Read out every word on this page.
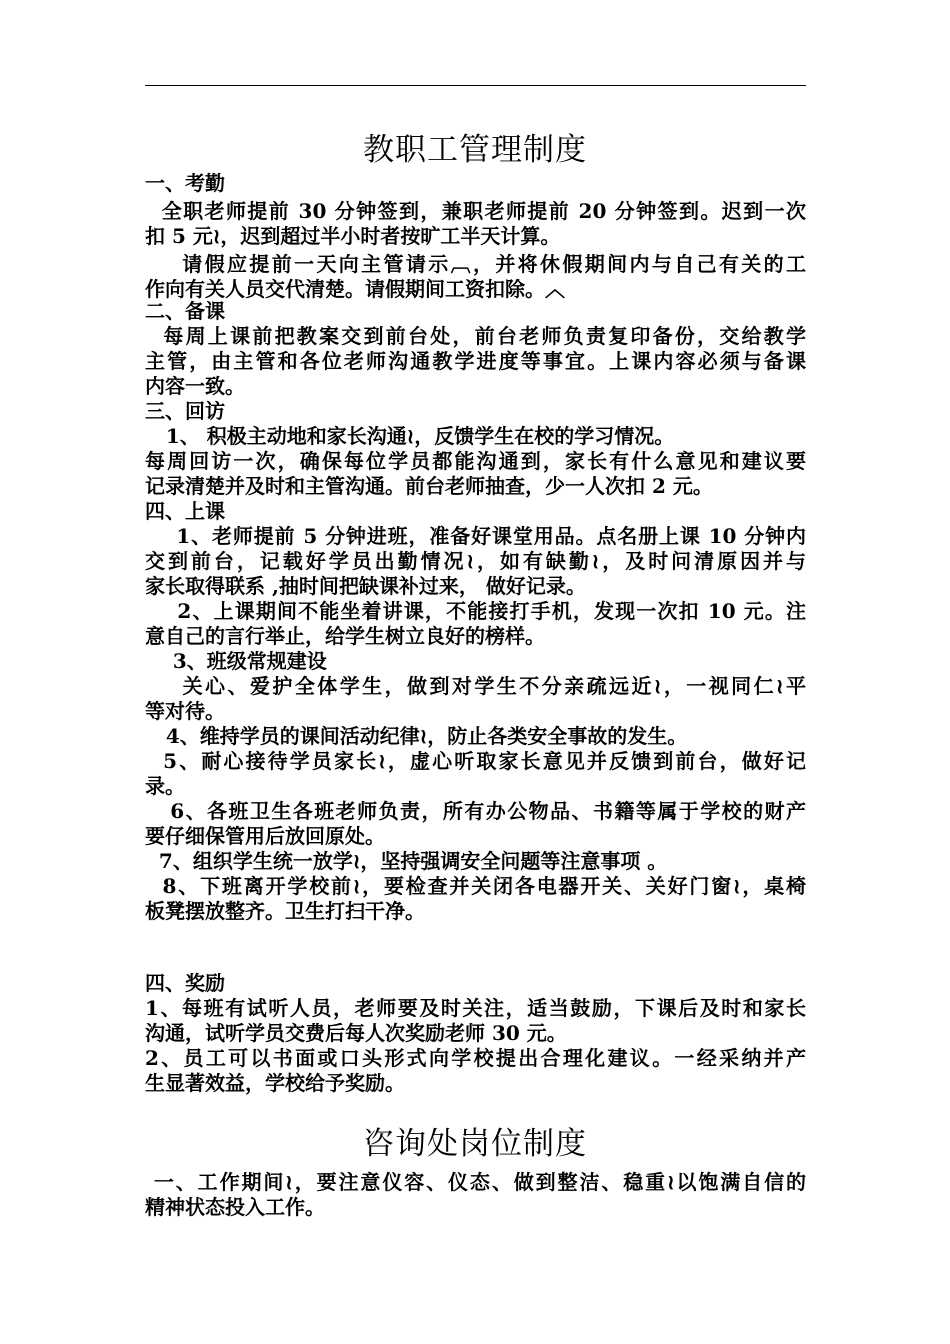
教职工管理制度
一、考勤
全职老师提前 30 分钟签到，兼职老师提前 20 分钟签到。迟到一次
扣 5 元≀，迟到超过半小时者按旷工半天计算。
请假应提前一天向主管请示︹，并将休假期间内与自己有关的工
作向有关人员交代清楚。请假期间工资扣除。︿
二、备课
每周上课前把教案交到前台处，前台老师负责复印备份，交给教学
主管，由主管和各位老师沟通教学进度等事宜。上课内容必须与备课
内容一致。
三、回访
1、 积极主动地和家长沟通≀，反馈学生在校的学习情况。
每周回访一次，确保每位学员都能沟通到，家长有什么意见和建议要
记录清楚并及时和主管沟通。前台老师抽查，少一人次扣 2 元。
四、上课
1、老师提前 5 分钟进班，准备好课堂用品。点名册上课 10 分钟内
交到前台，记载好学员出勤情况≀，如有缺勤≀，及时问清原因并与
家长取得联系 ,抽时间把缺课补过来， 做好记录。
2、上课期间不能坐着讲课，不能接打手机，发现一次扣 10 元。注
意自己的言行举止，给学生树立良好的榜样。
3、班级常规建设
关心、爱护全体学生，做到对学生不分亲疏远近≀，一视同仁≀平
等对待。
4、维持学员的课间活动纪律≀，防止各类安全事故的发生。
5、耐心接待学员家长≀，虚心听取家长意见并反馈到前台，做好记
录。
6、各班卫生各班老师负责，所有办公物品、书籍等属于学校的财产
要仔细保管用后放回原处。
7、组织学生统一放学≀，坚持强调安全问题等注意事项 。
8、下班离开学校前≀，要检查并关闭各电器开关、关好门窗≀，桌椅
板凳摆放整齐。卫生打扫干净。
四、奖励
1、每班有试听人员，老师要及时关注，适当鼓励，下课后及时和家长
沟通，试听学员交费后每人次奖励老师 30 元。
2、员工可以书面或口头形式向学校提出合理化建议。一经采纳并产
生显著效益，学校给予奖励。
咨询处岗位制度
一、工作期间≀，要注意仪容、仪态、做到整洁、稳重≀以饱满自信的
精神状态投入工作。
